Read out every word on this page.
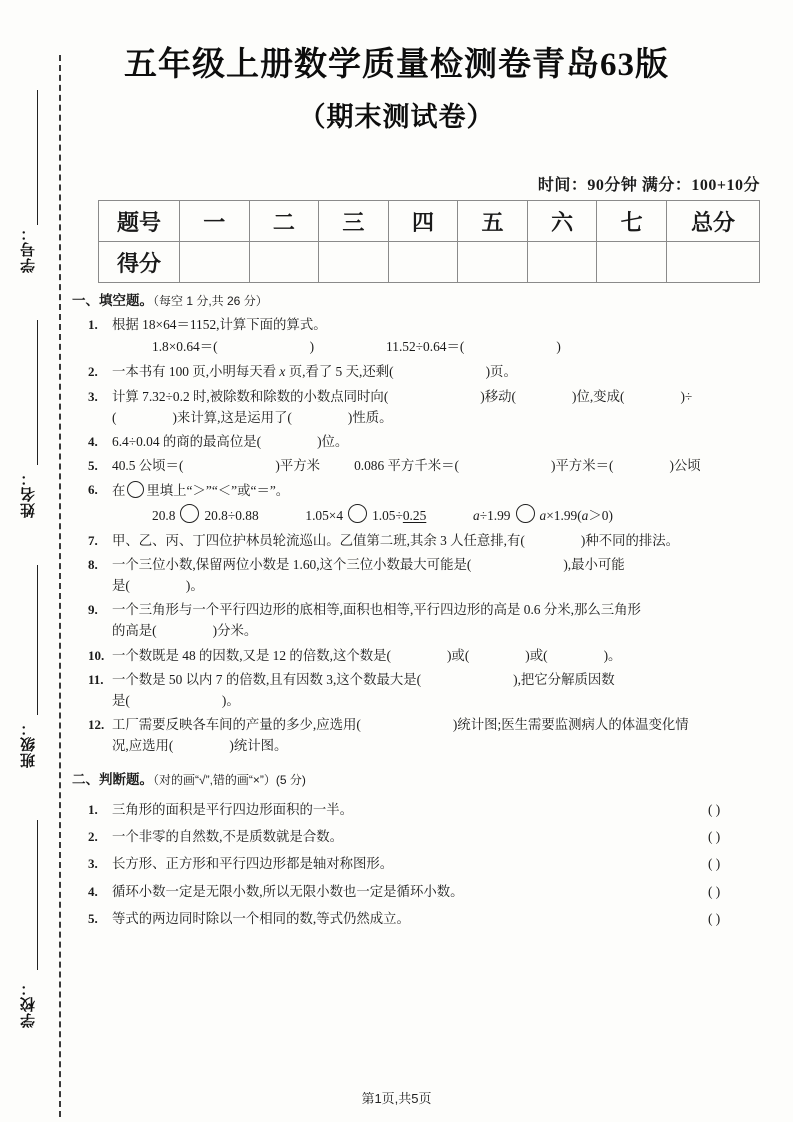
学号：
姓名：
班级：
学校：
五年级上册数学质量检测卷青岛63版
（期末测试卷）
时间：90分钟 满分：100+10分
题号	一	二	三	四	五	六	七	总分
得分								
一、填空题。（每空 1 分,共 26 分）
1.	根据 18×64＝1152,计算下面的算式。
1.8×0.64＝(	)	11.52÷0.64＝(	)
2.	一本书有 100 页,小明每天看 x 页,看了 5 天,还剩(	)页。
3.	计算 7.32÷0.2 时,被除数和除数的小数点同时向(	)移动(	)位,变成(	)÷
(	)来计算,这是运用了(	)性质。
4.	6.4÷0.04 的商的最高位是(	)位。
5.	40.5 公顷＝(	)平方米	0.086 平方千米＝(	)平方米＝(	)公顷
6.	在 里填上“＞”“＜”或“＝”。
20.8 20.8÷0.88	1.05×4 1.05÷0.25	a÷1.99 a×1.99(a＞0)
7.	甲、乙、丙、丁四位护林员轮流巡山。乙值第二班,其余 3 人任意排,有(	)种不同的排法。
8.	一个三位小数,保留两位小数是 1.60,这个三位小数最大可能是(	),最小可能
是(	)。
9.	一个三角形与一个平行四边形的底相等,面积也相等,平行四边形的高是 0.6 分米,那么三角形
的高是(	)分米。
10. 一个数既是 48 的因数,又是 12 的倍数,这个数是(	)或(	)或(	)。
11. 一个数是 50 以内 7 的倍数,且有因数 3,这个数最大是(	),把它分解质因数
是(	)。
12. 工厂需要反映各车间的产量的多少,应选用(	)统计图;医生需要监测病人的体温变化情
况,应选用(	)统计图。
二、判断题。（对的画“√”,错的画“×”）(5 分)
1.	三角形的面积是平行四边形面积的一半。	( )
2.	一个非零的自然数,不是质数就是合数。	( )
3.	长方形、正方形和平行四边形都是轴对称图形。	( )
4.	循环小数一定是无限小数,所以无限小数也一定是循环小数。	( )
5.	等式的两边同时除以一个相同的数,等式仍然成立。	( )
第1页,共5页
